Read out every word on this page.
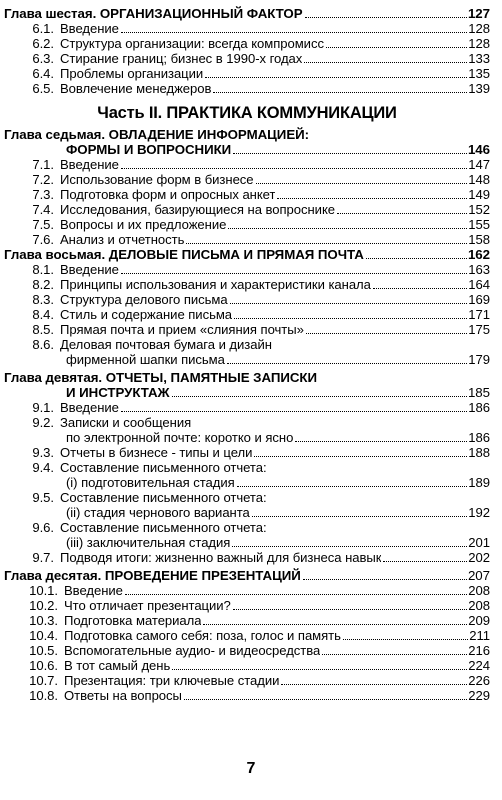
Глава шестая. ОРГАНИЗАЦИОННЫЙ ФАКТОР	127
6.1. Введение	128
6.2. Структура организации: всегда компромисс	128
6.3. Стирание границ; бизнес в 1990-х годах	133
6.4. Проблемы организации	135
6.5. Вовлечение менеджеров	139
Часть II. ПРАКТИКА КОММУНИКАЦИИ
Глава седьмая. ОВЛАДЕНИЕ ИНФОРМАЦИЕЙ:
ФОРМЫ И ВОПРОСНИКИ	146
7.1. Введение	147
7.2. Использование форм в бизнесе	148
7.3. Подготовка форм и опросных анкет	149
7.4. Исследования, базирующиеся на вопроснике	152
7.5. Вопросы и их предложение	155
7.6. Анализ и отчетность	158
Глава восьмая. ДЕЛОВЫЕ ПИСЬМА И ПРЯМАЯ ПОЧТА	162
8.1. Введение	163
8.2. Принципы использования и характеристики канала	164
8.3. Структура делового письма	169
8.4. Стиль и содержание письма	171
8.5. Прямая почта и прием «слияния почты»	175
8.6. Деловая почтовая бумага и дизайн
фирменной шапки письма	179
Глава девятая. ОТЧЕТЫ, ПАМЯТНЫЕ ЗАПИСКИ
И ИНСТРУКТАЖ	185
9.1. Введение	186
9.2. Записки и сообщения
по электронной почте: коротко и ясно	186
9.3. Отчеты в бизнесе - типы и цели	188
9.4. Составление письменного отчета:
(i) подготовительная стадия	189
9.5. Составление письменного отчета:
(ii) стадия чернового варианта	192
9.6. Составление письменного отчета:
(iii) заключительная стадия	201
9.7. Подводя итоги: жизненно важный для бизнеса навык	202
Глава десятая. ПРОВЕДЕНИЕ ПРЕЗЕНТАЦИЙ	207
10.1. Введение	208
10.2. Что отличает презентации?	208
10.3. Подготовка материала	209
10.4. Подготовка самого себя: поза, голос и память	211
10.5. Вспомогательные аудио- и видеосредства	216
10.6. В тот самый день	224
10.7. Презентация: три ключевые стадии	226
10.8. Ответы на вопросы	229
7
